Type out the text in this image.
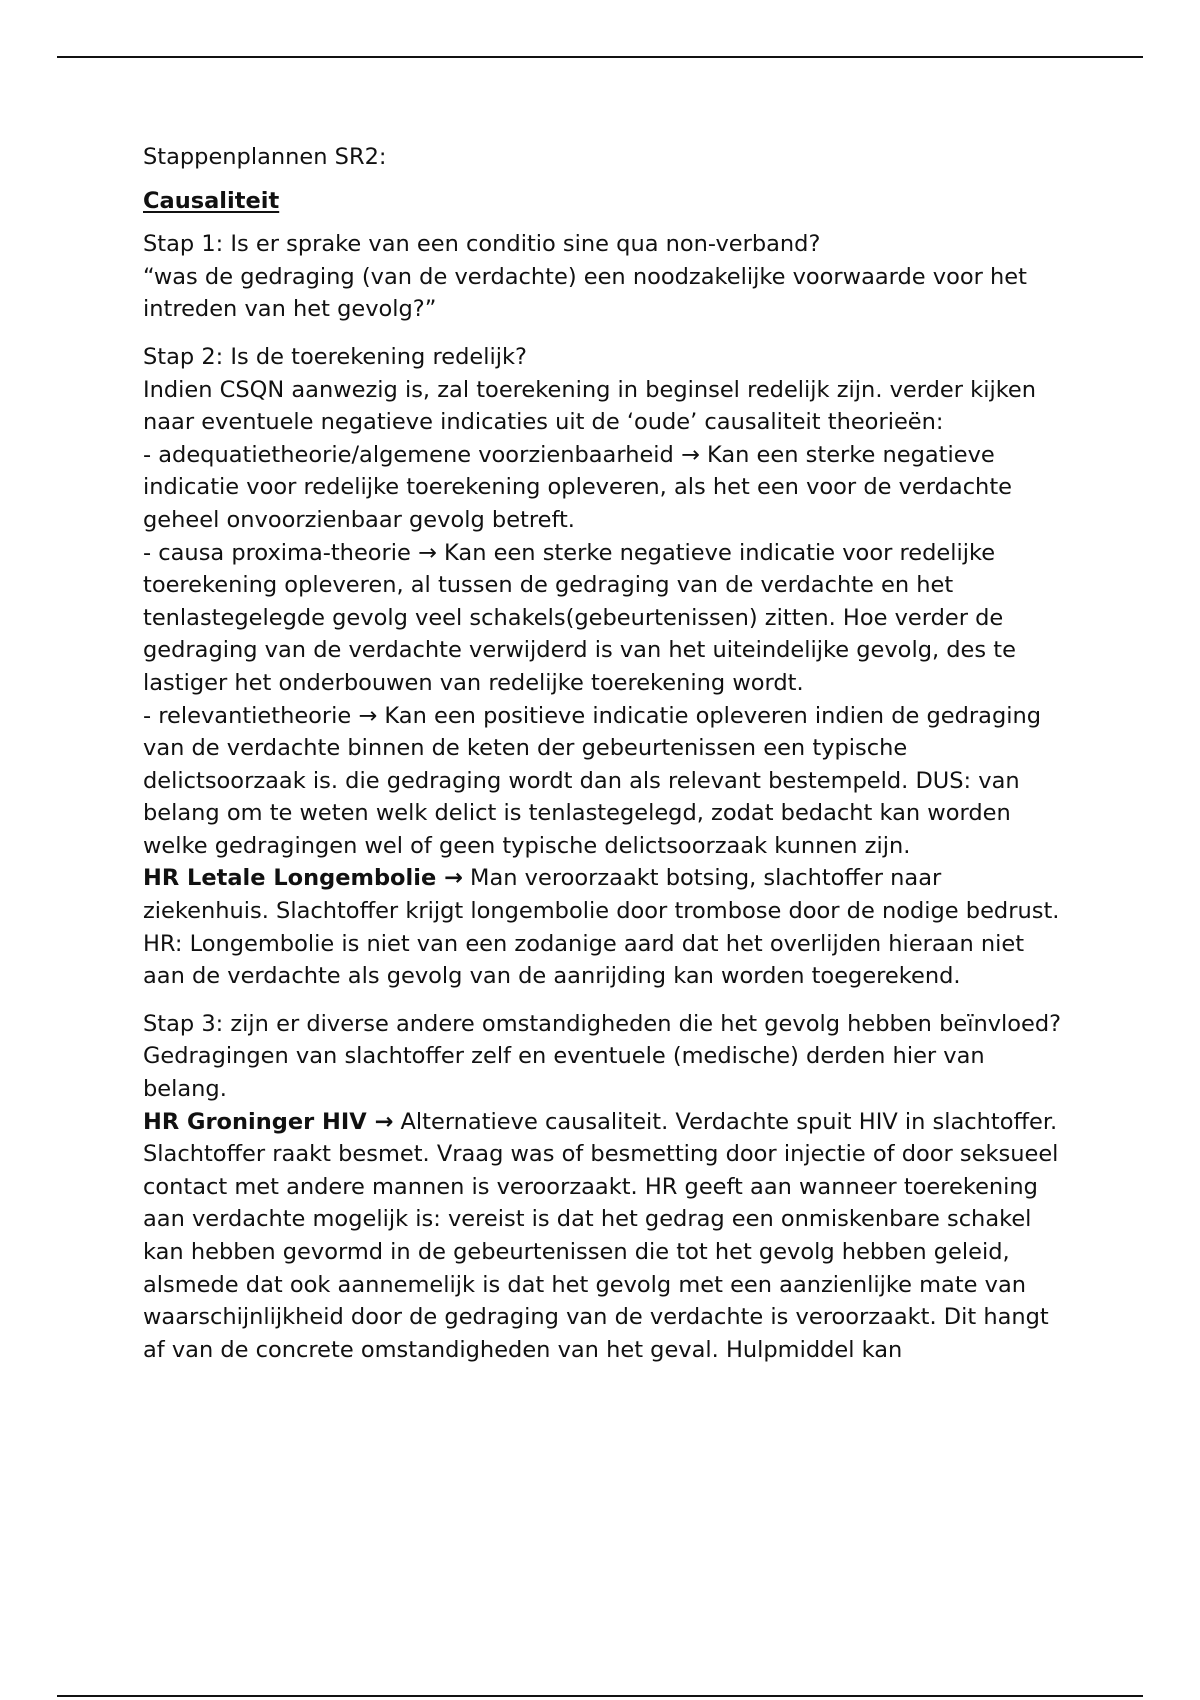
Stappenplannen SR2:

Causaliteit

Stap 1: Is er sprake van een conditio sine qua non-verband?
“was de gedraging (van de verdachte) een noodzakelijke voorwaarde voor het intreden van het gevolg?”

Stap 2: Is de toerekening redelijk?
Indien CSQN aanwezig is, zal toerekening in beginsel redelijk zijn. verder kijken naar eventuele negatieve indicaties uit de ‘oude’ causaliteit theorieën:
- adequatietheorie/algemene voorzienbaarheid → Kan een sterke negatieve indicatie voor redelijke toerekening opleveren, als het een voor de verdachte geheel onvoorzienbaar gevolg betreft.
- causa proxima-theorie → Kan een sterke negatieve indicatie voor redelijke toerekening opleveren, al tussen de gedraging van de verdachte en het tenlastegelegde gevolg veel schakels(gebeurtenissen) zitten. Hoe verder de gedraging van de verdachte verwijderd is van het uiteindelijke gevolg, des te lastiger het onderbouwen van redelijke toerekening wordt.
- relevantietheorie → Kan een positieve indicatie opleveren indien de gedraging van de verdachte binnen de keten der gebeurtenissen een typische delictsoorzaak is. die gedraging wordt dan als relevant bestempeld. DUS: van belang om te weten welk delict is tenlastegelegd, zodat bedacht kan worden welke gedragingen wel of geen typische delictsoorzaak kunnen zijn.
HR Letale Longembolie → Man veroorzaakt botsing, slachtoffer naar ziekenhuis. Slachtoffer krijgt longembolie door trombose door de nodige bedrust. HR: Longembolie is niet van een zodanige aard dat het overlijden hieraan niet aan de verdachte als gevolg van de aanrijding kan worden toegerekend.

Stap 3: zijn er diverse andere omstandigheden die het gevolg hebben beïnvloed?
Gedragingen van slachtoffer zelf en eventuele (medische) derden hier van belang.
HR Groninger HIV → Alternatieve causaliteit. Verdachte spuit HIV in slachtoffer. Slachtoffer raakt besmet. Vraag was of besmetting door injectie of door seksueel contact met andere mannen is veroorzaakt. HR geeft aan wanneer toerekening aan verdachte mogelijk is: vereist is dat het gedrag een onmiskenbare schakel kan hebben gevormd in de gebeurtenissen die tot het gevolg hebben geleid, alsmede dat ook aannemelijk is dat het gevolg met een aanzienlijke mate van waarschijnlijkheid door de gedraging van de verdachte is veroorzaakt. Dit hangt af van de concrete omstandigheden van het geval. Hulpmiddel kan
